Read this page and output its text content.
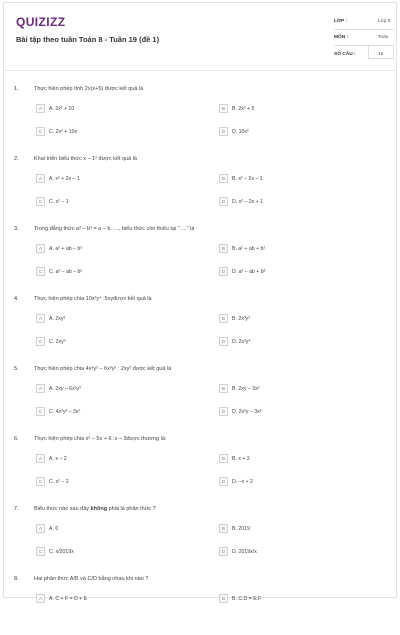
QUIZIZZ
Bài tập theo tuần Toán 8 - Tuần 19 (đề 1)
LỚP :	Lớp 8
MÔN :	Toán
SỐ CÂU :	15
1.	Thực hiện phép tính 2x(x+5) được kết quả là
A	A. 2x² + 10	B	B. 2x² + 5
C	C. 2x² + 10x	D	D. 10x²
2.	Khai triển biểu thức x – 1² được kết quả là
A	A. x² + 2x – 1	B	B. x² – 2x – 1
C	C. x² – 1	D	D. x² – 2x + 1
3.	Trong đẳng thức a³ – b³ = a – b….., biểu thức còn thiếu tại "…." là
A	A. a² + ab – b²	B	B. a² + ab + b²
C	C. a² – ab – b²	D	D. a² – ab + b²
4.	Thực hiện phép chia 10x²y⁴ :5xyđược kết quả là
A	A. 2xy³	B	B. 2x³y³
C	C. 2xy⁴	D	D. 2x²y⁴
5.	Thực hiện phép chia 4x³y² – 6x³y² : 2xy² được kết quả là
A	A. 2xy – 6x²y³	B	B. 2xy – 3x²
C	C. 4x²y³ – 3x²	D	D. 2x²y – 3x³
6.	Thực hiện phép chia x² – 5x + 6 :x – 3được thương là:
A	A. x – 2	B	B. x + 2
C	C. x² – 2	D	D. –x + 2
7.	Biểu thức nào sau đây không phải là phân thức ?
A	A. 0	B	B. 2019
C	C. x/2019x	D	D. 2019x/x
8.	Hai phân thức A/B và C/D bằng nhau khi nào ?
A	A. C + F = D + E	B	B. C.D = E.F
